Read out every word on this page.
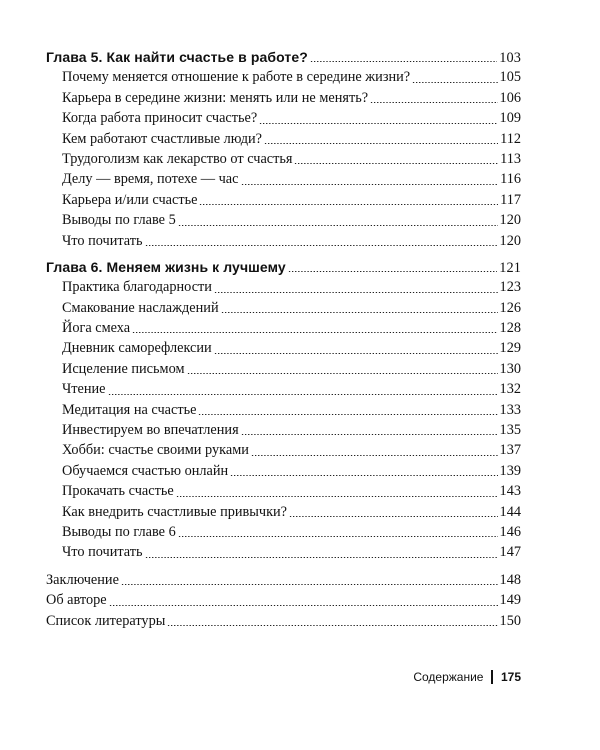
Глава 5. Как найти счастье в работе?	103
Почему меняется отношение к работе в середине жизни?	105
Карьера в середине жизни: менять или не менять?	106
Когда работа приносит счастье?	109
Кем работают счастливые люди?	112
Трудоголизм как лекарство от счастья	113
Делу — время, потехе — час	116
Карьера и/или счастье	117
Выводы по главе 5	120
Что почитать	120
Глава 6. Меняем жизнь к лучшему	121
Практика благодарности	123
Смакование наслаждений	126
Йога смеха	128
Дневник саморефлексии	129
Исцеление письмом	130
Чтение	132
Медитация на счастье	133
Инвестируем во впечатления	135
Хобби: счастье своими руками	137
Обучаемся счастью онлайн	139
Прокачать счастье	143
Как внедрить счастливые привычки?	144
Выводы по главе 6	146
Что почитать	147
Заключение	148
Об авторе	149
Список литературы	150
Содержание 175
